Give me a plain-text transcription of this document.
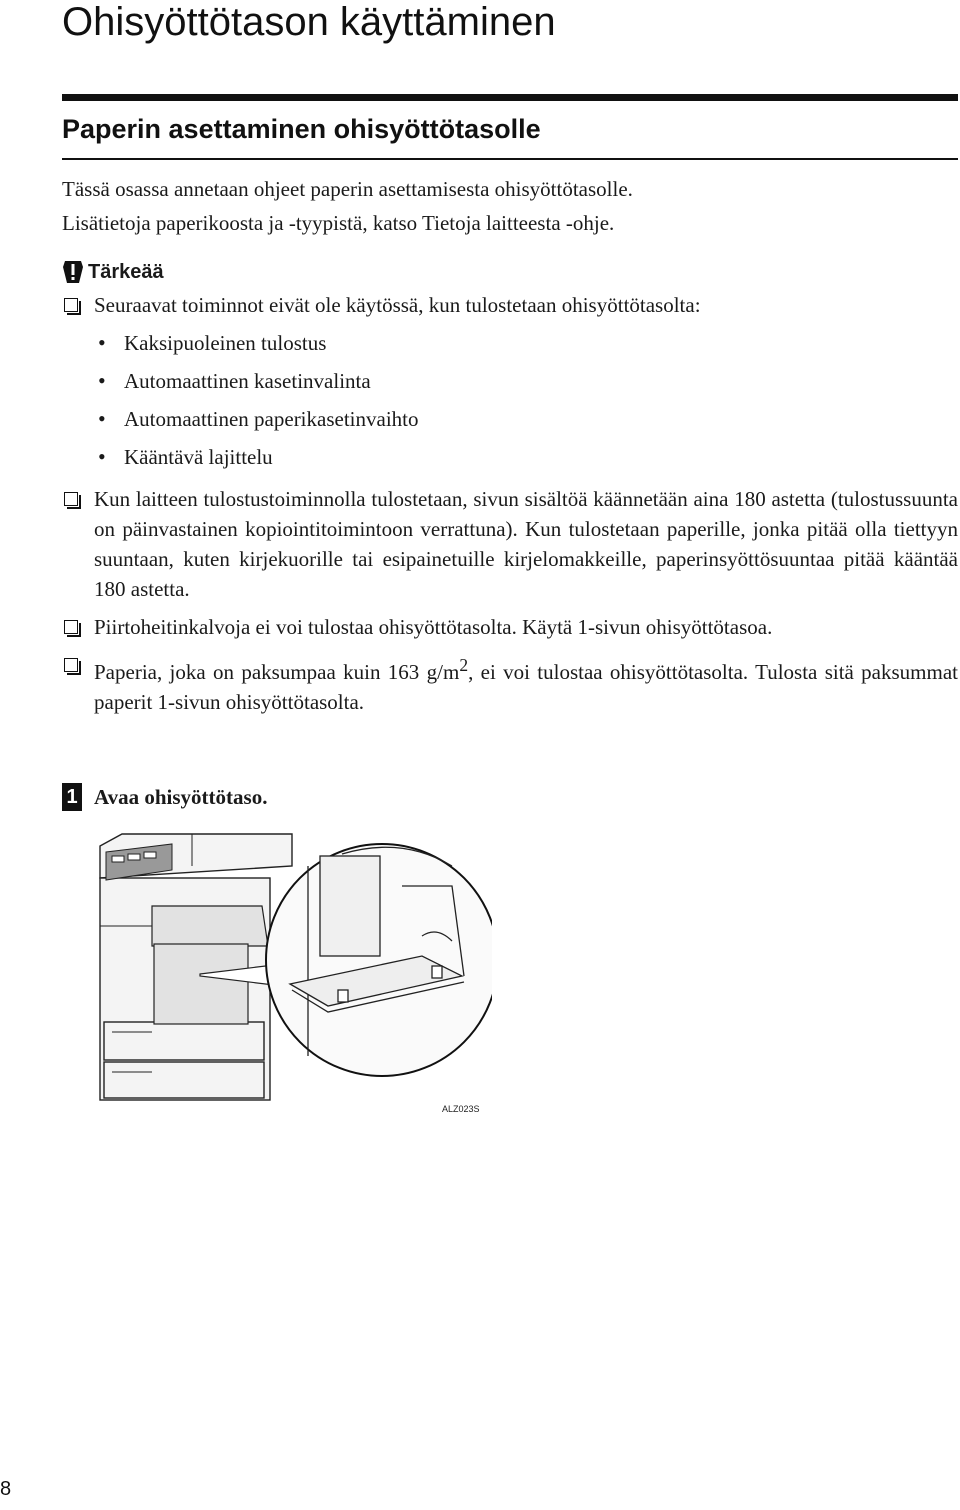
Ohisyöttötason käyttäminen
Paperin asettaminen ohisyöttötasolle

Tässä osassa annetaan ohjeet paperin asettamisesta ohisyöttötasolle.

Lisätietoja paperikoosta ja -tyypistä, katso Tietoja laitteesta -ohje.

Tärkeää
Seuraavat toiminnot eivät ole käytössä, kun tulostetaan ohisyöttötasolta:
• Kaksipuoleinen tulostus
• Automaattinen kasetinvalinta
• Automaattinen paperikasetinvaihto
• Kääntävä lajittelu
Kun laitteen tulostustoiminnolla tulostetaan, sivun sisältöä käännetään aina 180 astetta (tulostussuunta on päinvastainen kopiointitoimintoon verrattuna). Kun tulostetaan paperille, jonka pitää olla tiettyyn suuntaan, kuten kirjekuorille tai esipainetuille kirjelomakkeille, paperinsyöttösuuntaa pitää kääntää 180 astetta.
Piirtoheitinkalvoja ei voi tulostaa ohisyöttötasolta. Käytä 1-sivun ohisyöttötasoa.
Paperia, joka on paksumpaa kuin 163 $g/m^2$, ei voi tulostaa ohisyöttötasolta. Tulosta sitä paksummat paperit 1-sivun ohisyöttötasolta.
1 Avaa ohisyöttötaso.
ALZ023S
8
